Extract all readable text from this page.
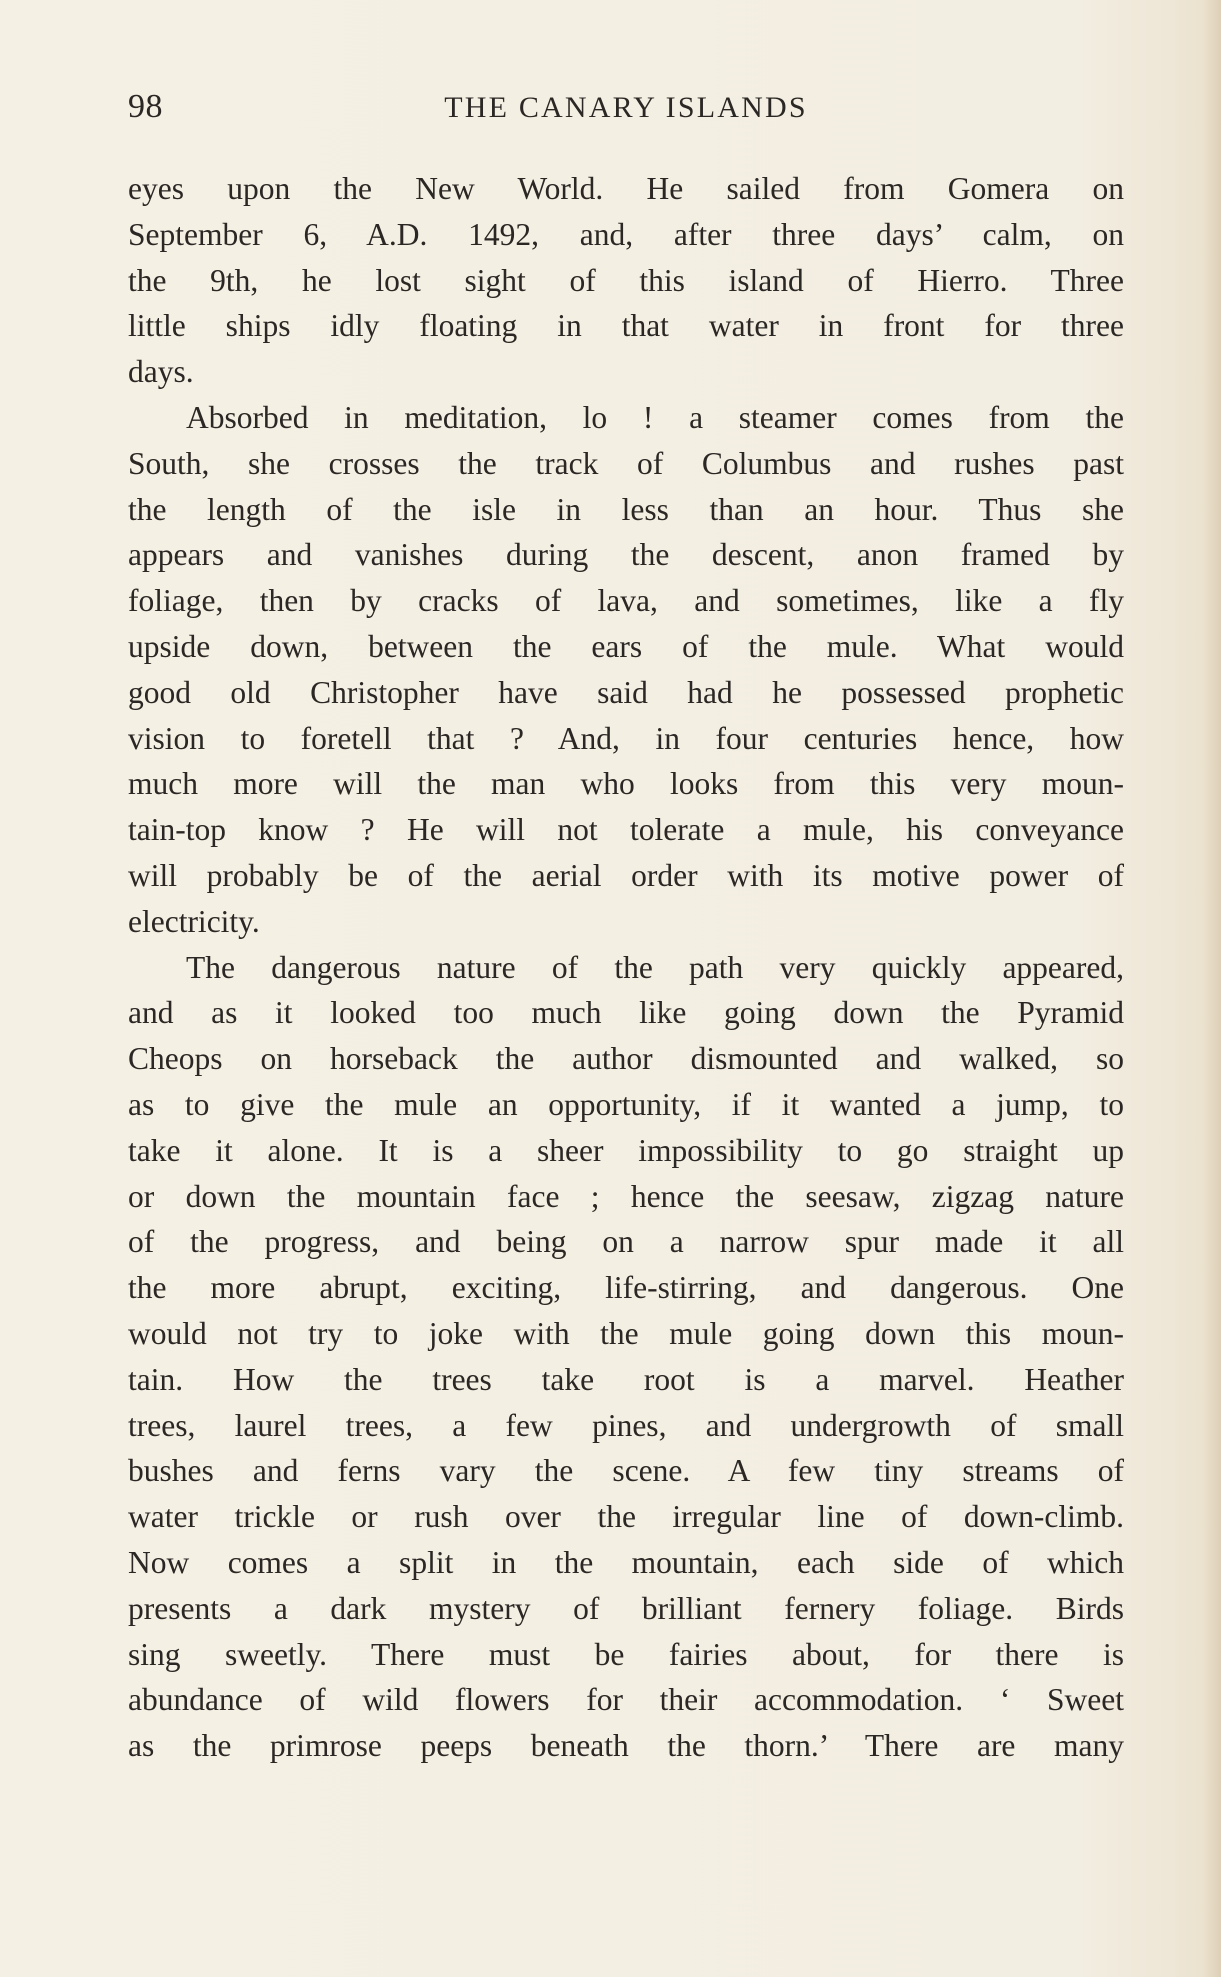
98	THE CANARY ISLANDS
eyes upon the New World. He sailed from Gomera on
September 6, A.D. 1492, and, after three days’ calm, on
the 9th, he lost sight of this island of Hierro. Three
little ships idly floating in that water in front for three
days.
Absorbed in meditation, lo ! a steamer comes from the
South, she crosses the track of Columbus and rushes past
the length of the isle in less than an hour. Thus she
appears and vanishes during the descent, anon framed by
foliage, then by cracks of lava, and sometimes, like a fly
upside down, between the ears of the mule. What would
good old Christopher have said had he possessed prophetic
vision to foretell that ? And, in four centuries hence, how
much more will the man who looks from this very moun-
tain-top know ? He will not tolerate a mule, his conveyance
will probably be of the aerial order with its motive power of
electricity.
The dangerous nature of the path very quickly appeared,
and as it looked too much like going down the Pyramid
Cheops on horseback the author dismounted and walked, so
as to give the mule an opportunity, if it wanted a jump, to
take it alone. It is a sheer impossibility to go straight up
or down the mountain face ; hence the seesaw, zigzag nature
of the progress, and being on a narrow spur made it all
the more abrupt, exciting, life-stirring, and dangerous. One
would not try to joke with the mule going down this moun-
tain. How the trees take root is a marvel. Heather
trees, laurel trees, a few pines, and undergrowth of small
bushes and ferns vary the scene. A few tiny streams of
water trickle or rush over the irregular line of down-climb.
Now comes a split in the mountain, each side of which
presents a dark mystery of brilliant fernery foliage. Birds
sing sweetly. There must be fairies about, for there is
abundance of wild flowers for their accommodation. ‘ Sweet
as the primrose peeps beneath the thorn.’ There are many
